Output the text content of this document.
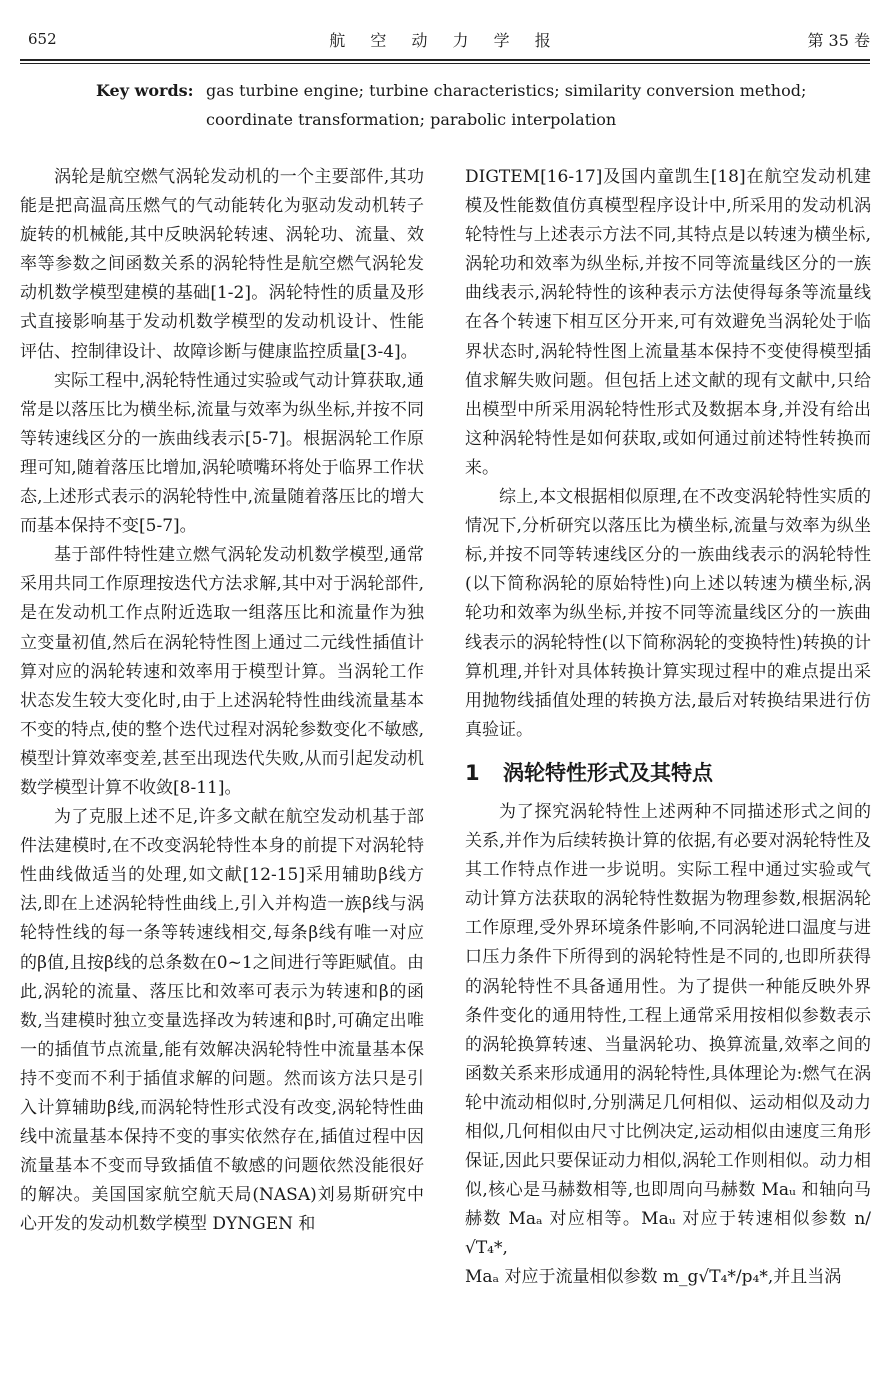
652	航 空 动 力 学 报	第 35 卷
Key words: gas turbine engine; turbine characteristics; similarity conversion method;
coordinate transformation; parabolic interpolation

涡轮是航空燃气涡轮发动机的一个主要部件,其功能是把高温高压燃气的气动能转化为驱动发动机转子旋转的机械能,其中反映涡轮转速、涡轮功、流量、效率等参数之间函数关系的涡轮特性是航空燃气涡轮发动机数学模型建模的基础[1-2]。涡轮特性的质量及形式直接影响基于发动机数学模型的发动机设计、性能评估、控制律设计、故障诊断与健康监控质量[3-4]。

实际工程中,涡轮特性通过实验或气动计算获取,通常是以落压比为横坐标,流量与效率为纵坐标,并按不同等转速线区分的一族曲线表示[5-7]。根据涡轮工作原理可知,随着落压比增加,涡轮喷嘴环将处于临界工作状态,上述形式表示的涡轮特性中,流量随着落压比的增大而基本保持不变[5-7]。

基于部件特性建立燃气涡轮发动机数学模型,通常采用共同工作原理按迭代方法求解,其中对于涡轮部件,是在发动机工作点附近选取一组落压比和流量作为独立变量初值,然后在涡轮特性图上通过二元线性插值计算对应的涡轮转速和效率用于模型计算。当涡轮工作状态发生较大变化时,由于上述涡轮特性曲线流量基本不变的特点,使的整个迭代过程对涡轮参数变化不敏感,模型计算效率变差,甚至出现迭代失败,从而引起发动机数学模型计算不收敛[8-11]。

为了克服上述不足,许多文献在航空发动机基于部件法建模时,在不改变涡轮特性本身的前提下对涡轮特性曲线做适当的处理,如文献[12-15]采用辅助β线方法,即在上述涡轮特性曲线上,引入并构造一族β线与涡轮特性线的每一条等转速线相交,每条β线有唯一对应的β值,且按β线的总条数在0~1之间进行等距赋值。由此,涡轮的流量、落压比和效率可表示为转速和β的函数,当建模时独立变量选择改为转速和β时,可确定出唯一的插值节点流量,能有效解决涡轮特性中流量基本保持不变而不利于插值求解的问题。然而该方法只是引入计算辅助β线,而涡轮特性形式没有改变,涡轮特性曲线中流量基本保持不变的事实依然存在,插值过程中因流量基本不变而导致插值不敏感的问题依然没能很好的解决。美国国家航空航天局(NASA)刘易斯研究中心开发的发动机数学模型 DYNGEN 和

DIGTEM[16-17]及国内童凯生[18]在航空发动机建模及性能数值仿真模型程序设计中,所采用的发动机涡轮特性与上述表示方法不同,其特点是以转速为横坐标,涡轮功和效率为纵坐标,并按不同等流量线区分的一族曲线表示,涡轮特性的该种表示方法使得每条等流量线在各个转速下相互区分开来,可有效避免当涡轮处于临界状态时,涡轮特性图上流量基本保持不变使得模型插值求解失败问题。但包括上述文献的现有文献中,只给出模型中所采用涡轮特性形式及数据本身,并没有给出这种涡轮特性是如何获取,或如何通过前述特性转换而来。

综上,本文根据相似原理,在不改变涡轮特性实质的情况下,分析研究以落压比为横坐标,流量与效率为纵坐标,并按不同等转速线区分的一族曲线表示的涡轮特性(以下简称涡轮的原始特性)向上述以转速为横坐标,涡轮功和效率为纵坐标,并按不同等流量线区分的一族曲线表示的涡轮特性(以下简称涡轮的变换特性)转换的计算机理,并针对具体转换计算实现过程中的难点提出采用抛物线插值处理的转换方法,最后对转换结果进行仿真验证。

1 涡轮特性形式及其特点

为了探究涡轮特性上述两种不同描述形式之间的关系,并作为后续转换计算的依据,有必要对涡轮特性及其工作特点作进一步说明。实际工程中通过实验或气动计算方法获取的涡轮特性数据为物理参数,根据涡轮工作原理,受外界环境条件影响,不同涡轮进口温度与进口压力条件下所得到的涡轮特性是不同的,也即所获得的涡轮特性不具备通用性。为了提供一种能反映外界条件变化的通用特性,工程上通常采用按相似参数表示的涡轮换算转速、当量涡轮功、换算流量,效率之间的函数关系来形成通用的涡轮特性,具体理论为:燃气在涡轮中流动相似时,分别满足几何相似、运动相似及动力相似,几何相似由尺寸比例决定,运动相似由速度三角形保证,因此只要保证动力相似,涡轮工作则相似。动力相似,核心是马赫数相等,也即周向马赫数 Maᵤ 和轴向马赫数 Maₐ 对应相等。Maᵤ 对应于转速相似参数 n/√T₄*,

Maₐ 对应于流量相似参数 m_g√T₄*/p₄*,并且当涡
